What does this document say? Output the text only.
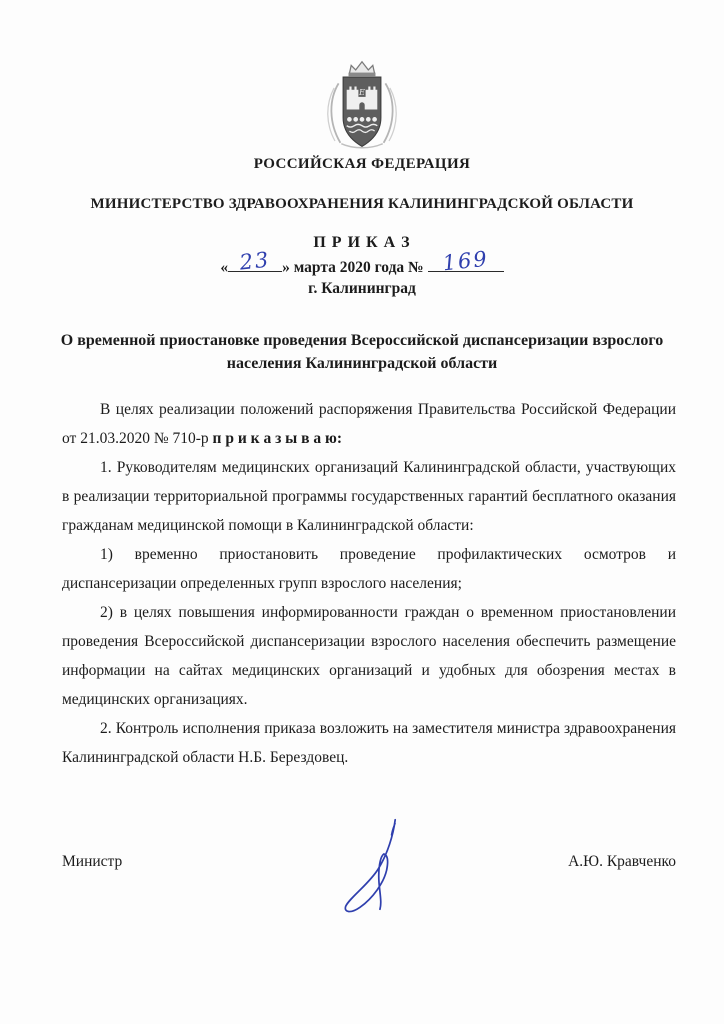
Е
РОССИЙСКАЯ ФЕДЕРАЦИЯ
МИНИСТЕРСТВО ЗДРАВООХРАНЕНИЯ КАЛИНИНГРАДСКОЙ ОБЛАСТИ
П Р И К А З
« 23 » марта 2020 года № 169
г. Калининград
О временной приостановке проведения Всероссийской диспансеризации взрослого населения Калининградской области

В целях реализации положений распоряжения Правительства Российской Федерации от 21.03.2020 № 710-р п р и к а з ы в а ю:

1. Руководителям медицинских организаций Калининградской области, участвующих в реализации территориальной программы государственных гарантий бесплатного оказания гражданам медицинской помощи в Калининградской области:

1) временно приостановить проведение профилактических осмотров и диспансеризации определенных групп взрослого населения;

2) в целях повышения информированности граждан о временном приостановлении проведения Всероссийской диспансеризации взрослого населения обеспечить размещение информации на сайтах медицинских организаций и удобных для обозрения местах в медицинских организациях.

2. Контроль исполнения приказа возложить на заместителя министра здравоохранения Калининградской области Н.Б. Берездовец.

Министр	А.Ю. Кравченко
